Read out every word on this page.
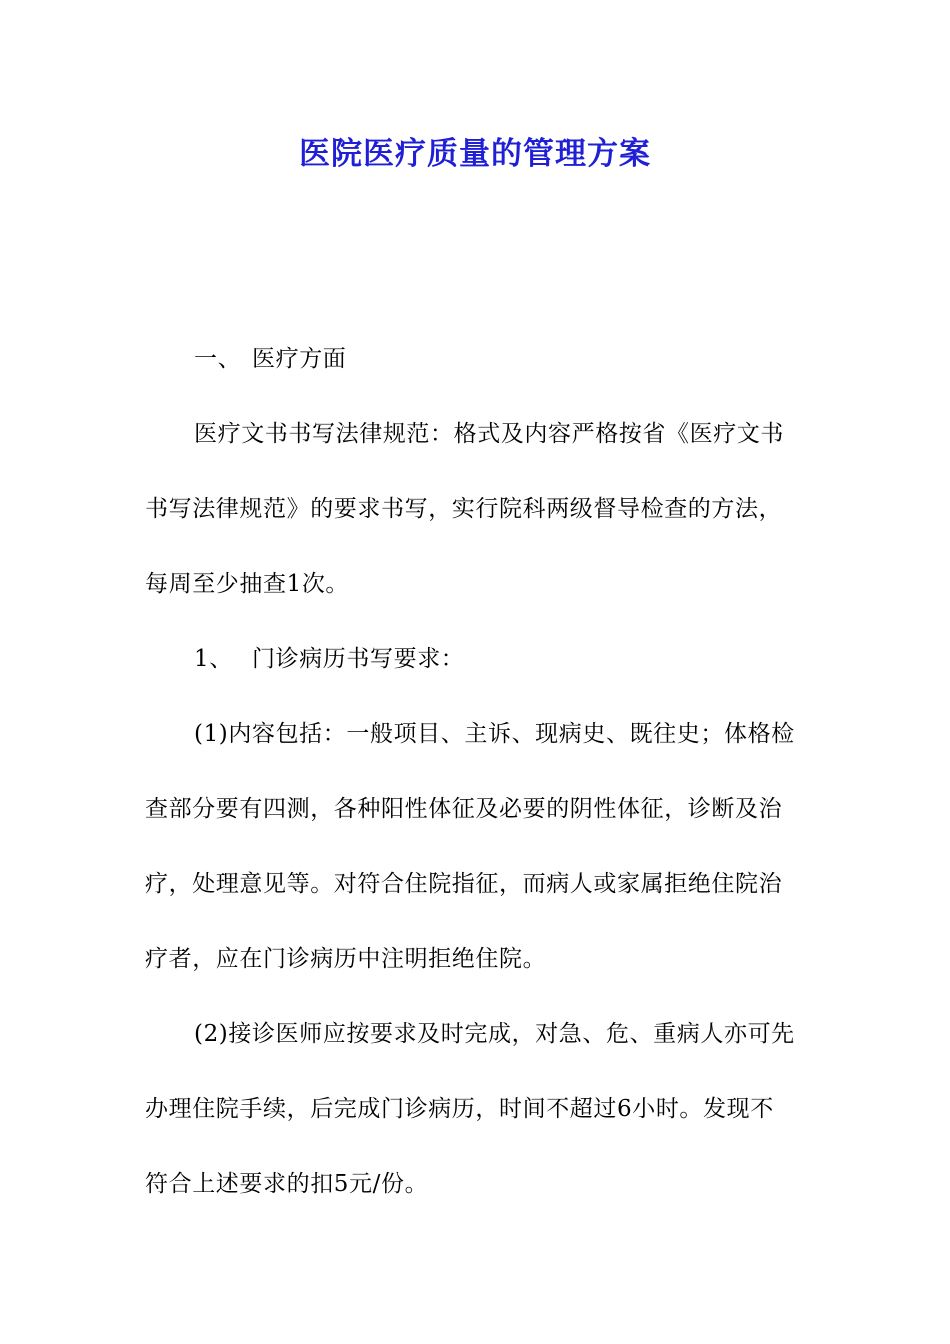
医院医疗质量的管理方案
一、 医疗方面
医疗文书书写法律规范：格式及内容严格按省《医疗文书
书写法律规范》的要求书写，实行院科两级督导检查的方法，
每周至少抽查1次。
1、 门诊病历书写要求：
(1)内容包括：一般项目、主诉、现病史、既往史；体格检
查部分要有四测，各种阳性体征及必要的阴性体征，诊断及治
疗，处理意见等。对符合住院指征，而病人或家属拒绝住院治
疗者，应在门诊病历中注明拒绝住院。
(2)接诊医师应按要求及时完成，对急、危、重病人亦可先
办理住院手续，后完成门诊病历，时间不超过6小时。发现不
符合上述要求的扣5元/份。
